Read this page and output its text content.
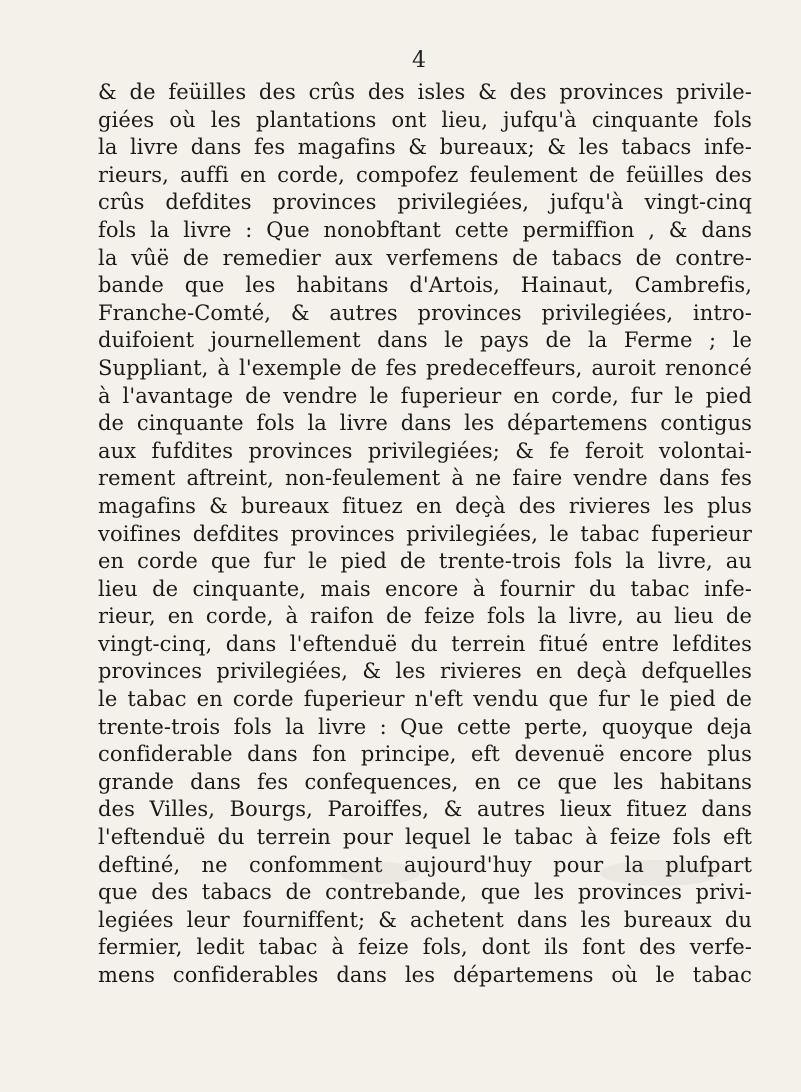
4
& de feüilles des crûs des isles & des provinces privile-
giées où les plantations ont lieu, jufqu'à cinquante fols
la livre dans fes magafins & bureaux; & les tabacs infe-
rieurs, auffi en corde, compofez feulement de feüilles des
crûs defdites provinces privilegiées, jufqu'à vingt-cinq
fols la livre : Que nonobftant cette permiffion , & dans
la vûë de remedier aux verfemens de tabacs de contre-
bande que les habitans d'Artois, Hainaut, Cambrefis,
Franche-Comté, & autres provinces privilegiées, intro-
duifoient journellement dans le pays de la Ferme ; le
Suppliant, à l'exemple de fes predeceffeurs, auroit renoncé
à l'avantage de vendre le fuperieur en corde, fur le pied
de cinquante fols la livre dans les départemens contigus
aux fufdites provinces privilegiées; & fe feroit volontai-
rement aftreint, non-feulement à ne faire vendre dans fes
magafins & bureaux fituez en deçà des rivieres les plus
voifines defdites provinces privilegiées, le tabac fuperieur
en corde que fur le pied de trente-trois fols la livre, au
lieu de cinquante, mais encore à fournir du tabac infe-
rieur, en corde, à raifon de feize fols la livre, au lieu de
vingt-cinq, dans l'eftenduë du terrein fitué entre lefdites
provinces privilegiées, & les rivieres en deçà defquelles
le tabac en corde fuperieur n'eft vendu que fur le pied de
trente-trois fols la livre : Que cette perte, quoyque deja
confiderable dans fon principe, eft devenuë encore plus
grande dans fes confequences, en ce que les habitans
des Villes, Bourgs, Paroiffes, & autres lieux fituez dans
l'eftenduë du terrein pour lequel le tabac à feize fols eft
deftiné, ne confomment aujourd'huy pour la plufpart
que des tabacs de contrebande, que les provinces privi-
legiées leur fourniffent; & achetent dans les bureaux du
fermier, ledit tabac à feize fols, dont ils font des verfe-
mens confiderables dans les départemens où le tabac
